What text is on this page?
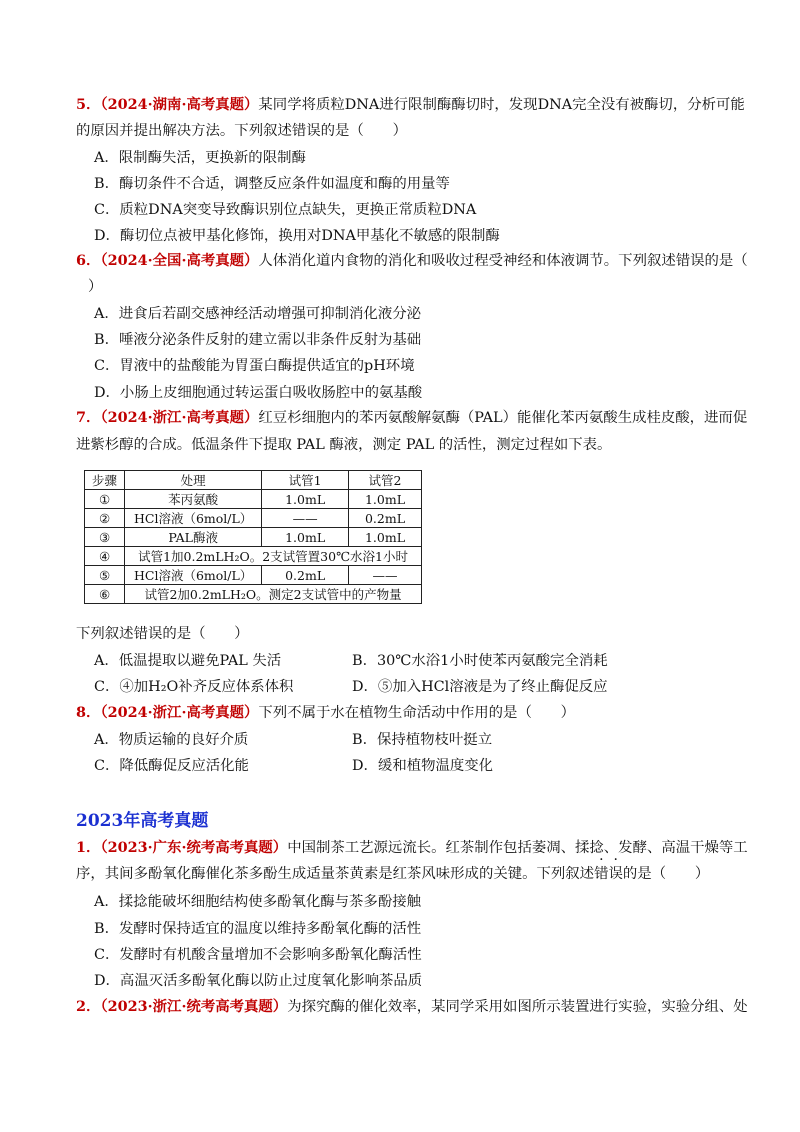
5．（2024·湖南·高考真题）某同学将质粒DNA进行限制酶酶切时，发现DNA完全没有被酶切，分析可能
的原因并提出解决方法。下列叙述错误的是（　　）
A．限制酶失活，更换新的限制酶
B．酶切条件不合适，调整反应条件如温度和酶的用量等
C．质粒DNA突变导致酶识别位点缺失，更换正常质粒DNA
D．酶切位点被甲基化修饰，换用对DNA甲基化不敏感的限制酶
6．（2024·全国·高考真题）人体消化道内食物的消化和吸收过程受神经和体液调节。下列叙述错误的是（
）
A．进食后若副交感神经活动增强可抑制消化液分泌
B．唾液分泌条件反射的建立需以非条件反射为基础
C．胃液中的盐酸能为胃蛋白酶提供适宜的pH环境
D．小肠上皮细胞通过转运蛋白吸收肠腔中的氨基酸
7．（2024·浙江·高考真题）红豆杉细胞内的苯丙氨酸解氨酶（PAL）能催化苯丙氨酸生成桂皮酸，进而促
进紫杉醇的合成。低温条件下提取 PAL 酶液，测定 PAL 的活性，测定过程如下表。
步骤	处理	试管1	试管2
①	苯丙氨酸	1.0mL	1.0mL
②	HCl溶液（6mol/L）	——	0.2mL
③	PAL酶液	1.0mL	1.0mL
④	试管1加0.2mLH₂O。2支试管置30℃水浴1小时		
⑤	HCl溶液（6mol/L）	0.2mL	——
⑥	试管2加0.2mLH₂O。测定2支试管中的产物量		
下列叙述错误的是（　　）
A．低温提取以避免PAL 失活	B．30℃水浴1小时使苯丙氨酸完全消耗
C．④加H₂O补齐反应体系体积	D．⑤加入HCl溶液是为了终止酶促反应
8．（2024·浙江·高考真题）下列不属于水在植物生命活动中作用的是（　　）
A．物质运输的良好介质	B．保持植物枝叶挺立
C．降低酶促反应活化能	D．缓和植物温度变化
2023年高考真题
1．（2023·广东·统考高考真题）中国制茶工艺源远流长。红茶制作包括萎凋、揉捻、发酵、高温干燥等工
序，其间多酚氧化酶催化茶多酚生成适量茶黄素是红茶风味形成的关键。下列叙述错误的是（　　）
A．揉捻能破坏细胞结构使多酚氧化酶与茶多酚接触
B．发酵时保持适宜的温度以维持多酚氧化酶的活性
C．发酵时有机酸含量增加不会影响多酚氧化酶活性
D．高温灭活多酚氧化酶以防止过度氧化影响茶品质
2．（2023·浙江·统考高考真题）为探究酶的催化效率，某同学采用如图所示装置进行实验，实验分组、处
